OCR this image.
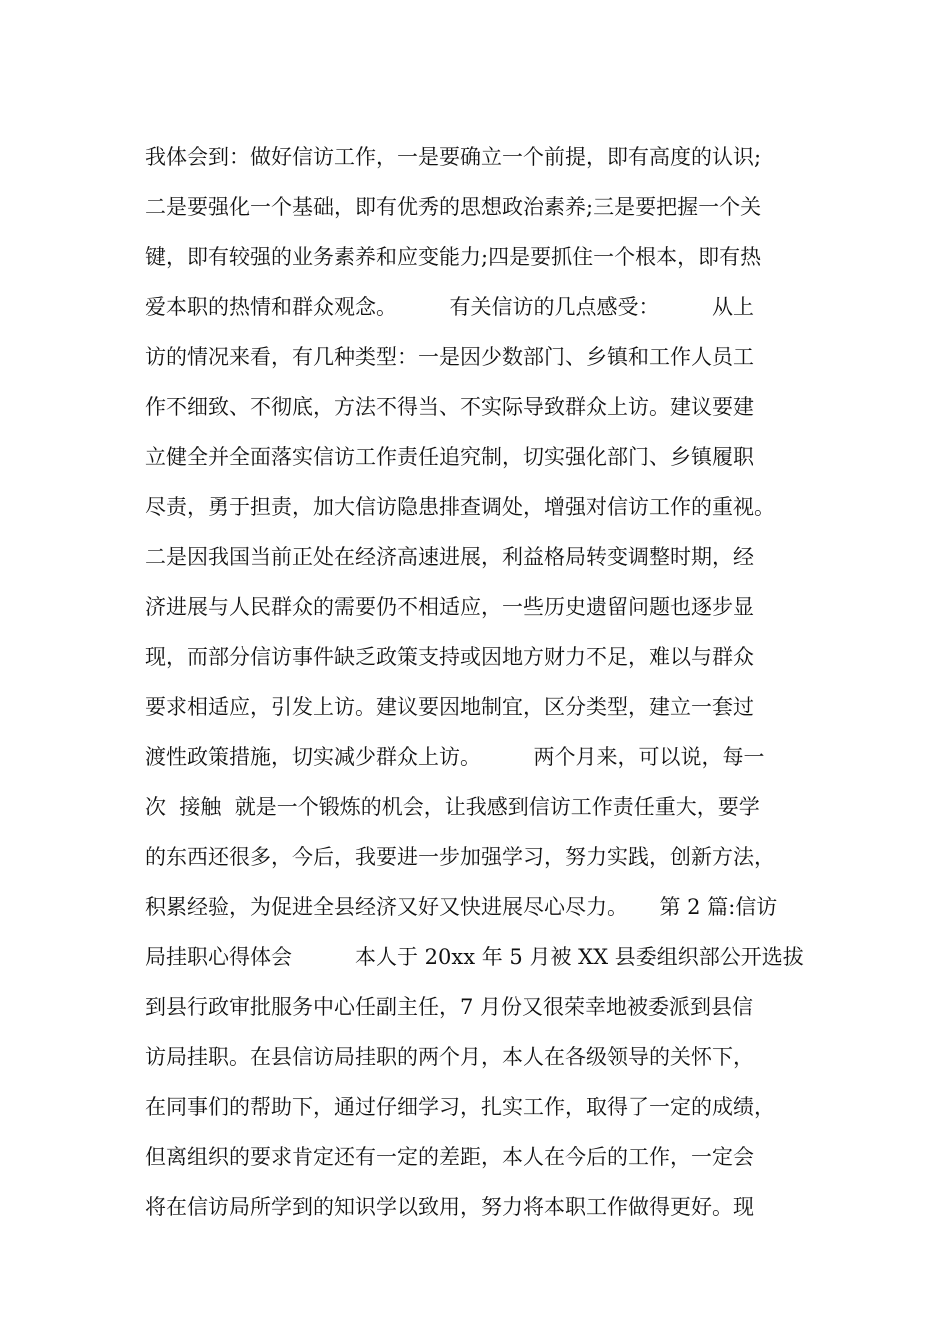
我体会到：做好信访工作，一是要确立一个前提，即有高度的认识;
二是要强化一个基础，即有优秀的思想政治素养;三是要把握一个关
键，即有较强的业务素养和应变能力;四是要抓住一个根本，即有热
爱本职的热情和群众观念。　　　有关信访的几点感受：　　　从上
访的情况来看，有几种类型：一是因少数部门、乡镇和工作人员工
作不细致、不彻底，方法不得当、不实际导致群众上访。建议要建
立健全并全面落实信访工作责任追究制，切实强化部门、乡镇履职
尽责，勇于担责，加大信访隐患排查调处，增强对信访工作的重视。
二是因我国当前正处在经济高速进展，利益格局转变调整时期，经
济进展与人民群众的需要仍不相适应，一些历史遗留问题也逐步显
现，而部分信访事件缺乏政策支持或因地方财力不足，难以与群众
要求相适应，引发上访。建议要因地制宜，区分类型，建立一套过
渡性政策措施，切实减少群众上访。　　　两个月来，可以说，每一
次  接触  就是一个锻炼的机会，让我感到信访工作责任重大，要学
的东西还很多，今后，我要进一步加强学习，努力实践，创新方法，
积累经验，为促进全县经济又好又快进展尽心尽力。　　第 2 篇:信访
局挂职心得体会　　　本人于 20xx 年 5 月被 XX 县委组织部公开选拔
到县行政审批服务中心任副主任，7 月份又很荣幸地被委派到县信
访局挂职。在县信访局挂职的两个月，本人在各级领导的关怀下，
在同事们的帮助下，通过仔细学习，扎实工作，取得了一定的成绩，
但离组织的要求肯定还有一定的差距，本人在今后的工作，一定会
将在信访局所学到的知识学以致用，努力将本职工作做得更好。现
